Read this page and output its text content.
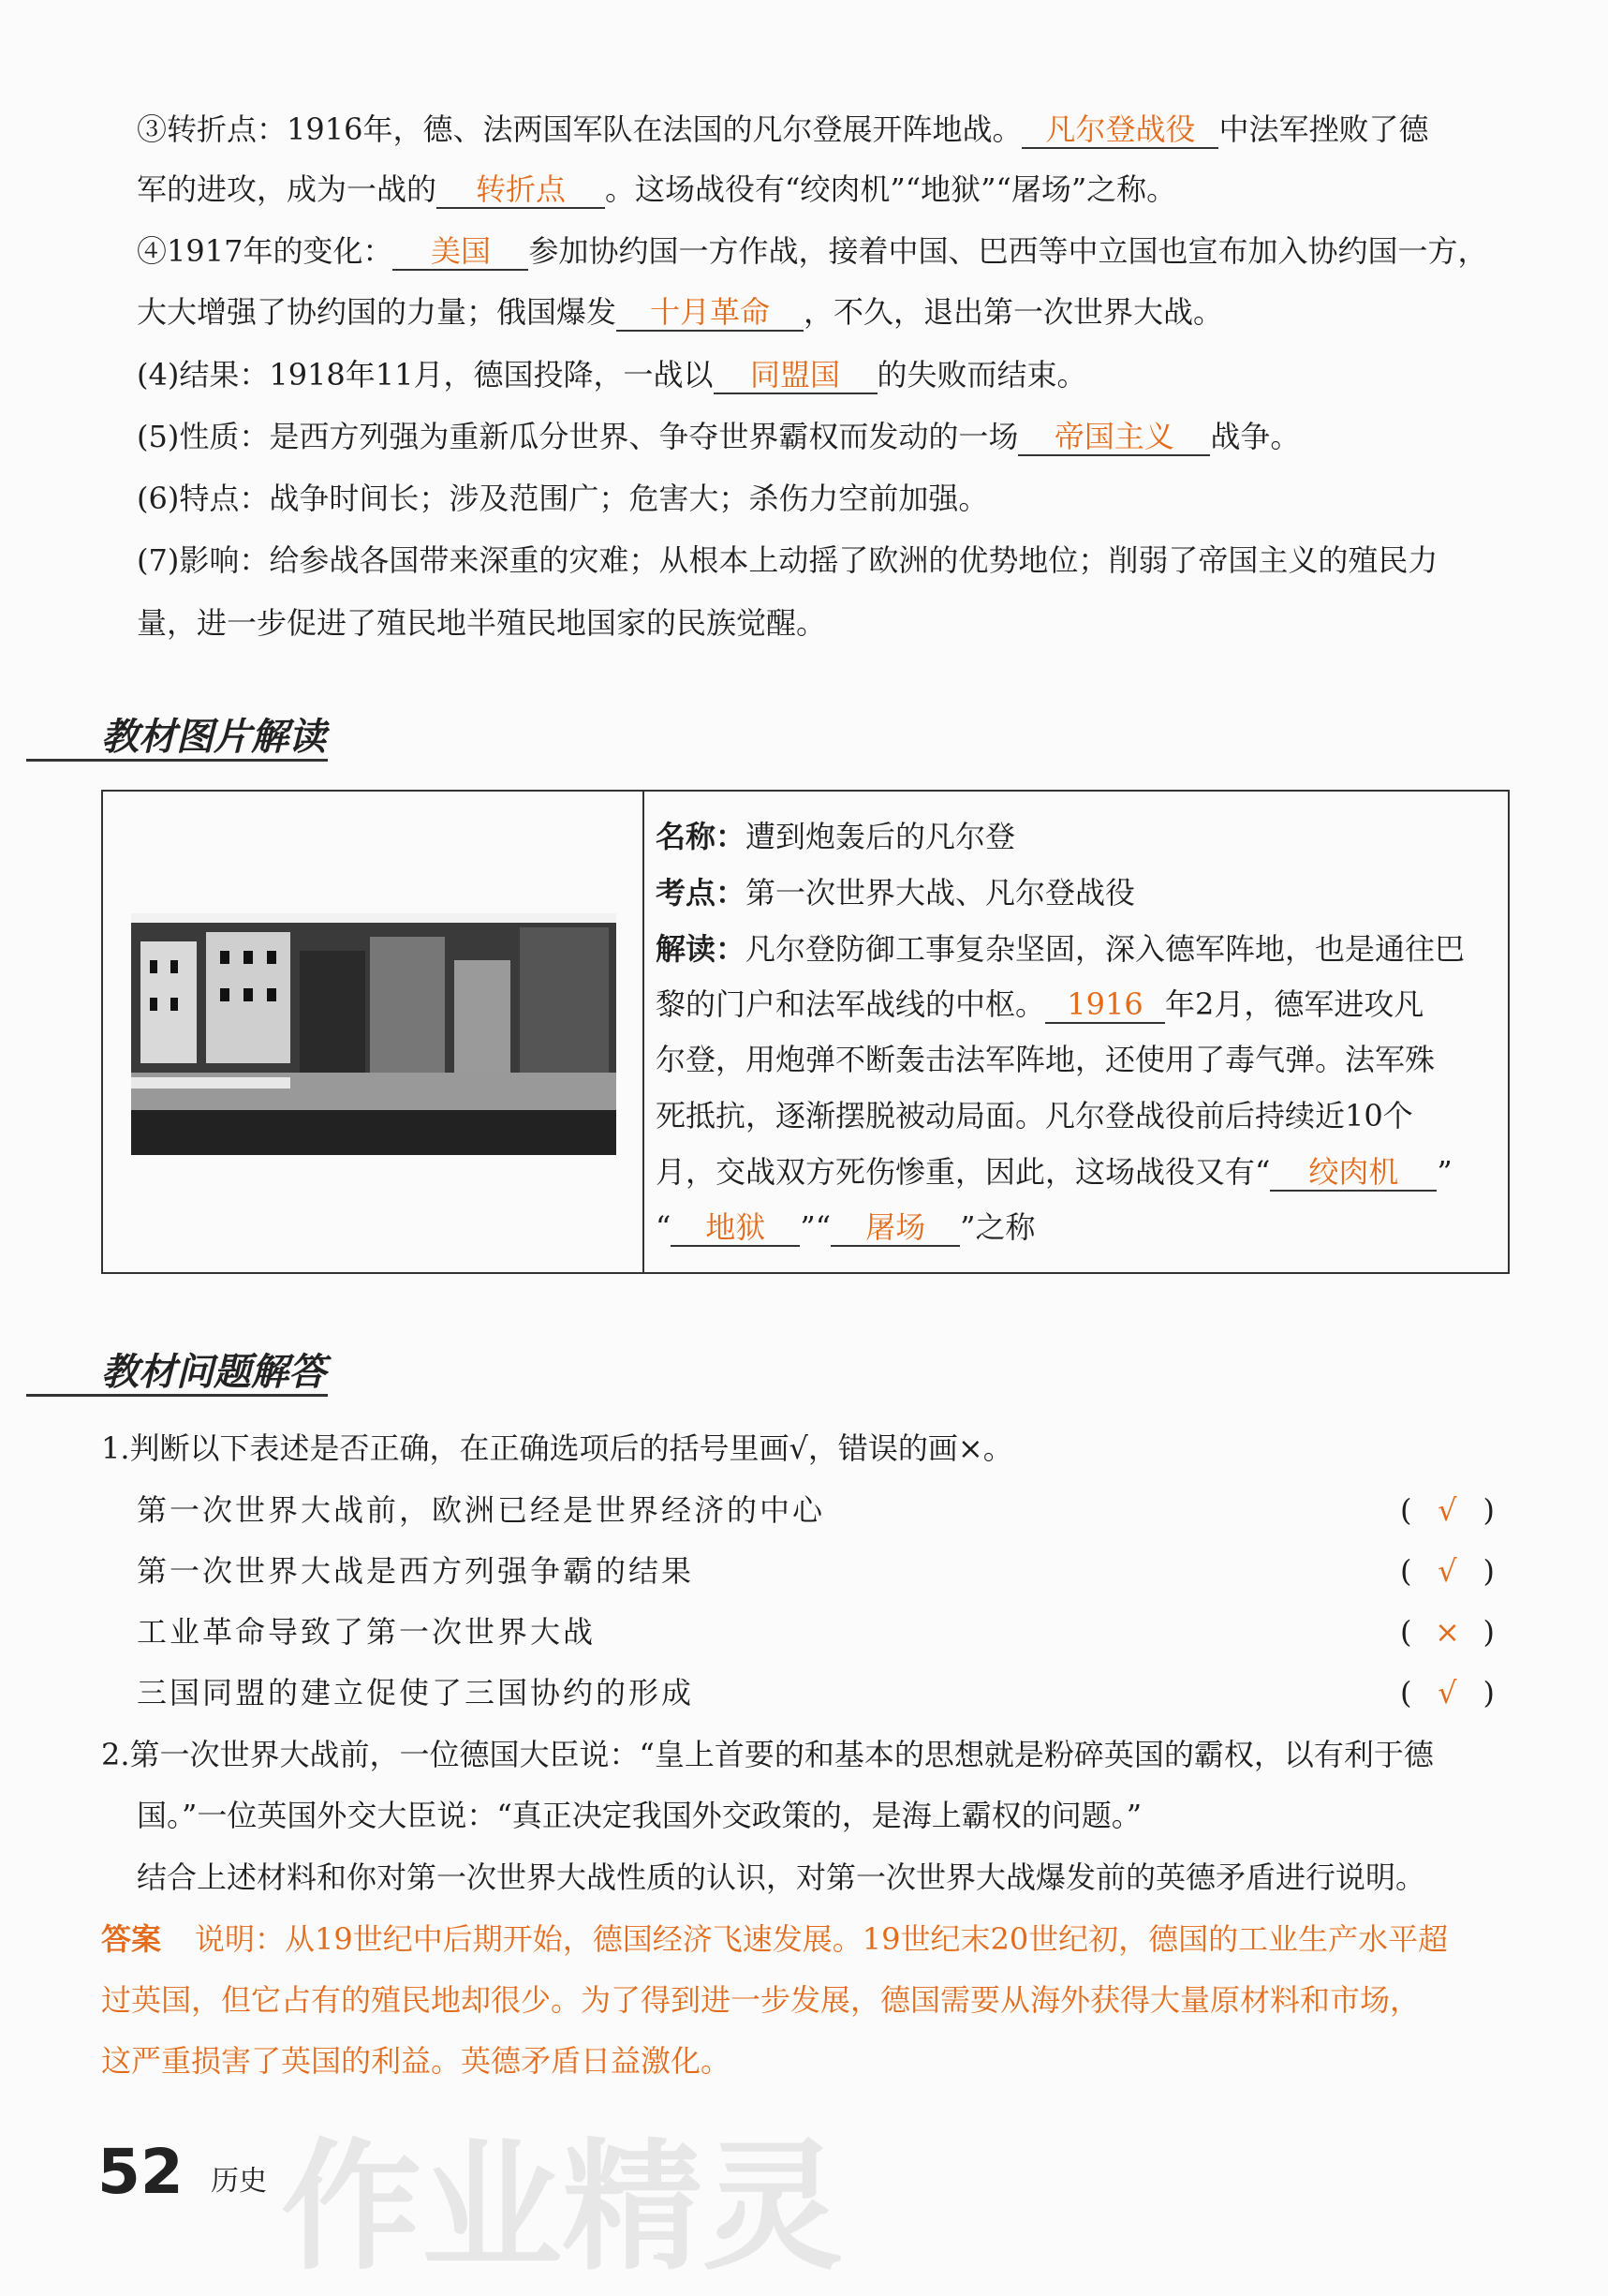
③转折点：1916年，德、法两国军队在法国的凡尔登展开阵地战。 凡尔登战役 中法军挫败了德
军的进攻，成为一战的 转折点 。这场战役有“绞肉机”“地狱”“屠场”之称。
④1917年的变化： 美国 参加协约国一方作战，接着中国、巴西等中立国也宣布加入协约国一方，
大大增强了协约国的力量；俄国爆发 十月革命 ，不久，退出第一次世界大战。
(4)结果：1918年11月，德国投降，一战以 同盟国 的失败而结束。
(5)性质：是西方列强为重新瓜分世界、争夺世界霸权而发动的一场 帝国主义 战争。
(6)特点：战争时间长；涉及范围广；危害大；杀伤力空前加强。
(7)影响：给参战各国带来深重的灾难；从根本上动摇了欧洲的优势地位；削弱了帝国主义的殖民力
量，进一步促进了殖民地半殖民地国家的民族觉醒。
教材图片解读
名称：遭到炮轰后的凡尔登
考点：第一次世界大战、凡尔登战役
解读：凡尔登防御工事复杂坚固，深入德军阵地，也是通往巴
黎的门户和法军战线的中枢。 1916 年2月，德军进攻凡
尔登，用炮弹不断轰击法军阵地，还使用了毒气弹。法军殊
死抵抗，逐渐摆脱被动局面。凡尔登战役前后持续近10个
月，交战双方死伤惨重，因此，这场战役又有“ 绞肉机 ”
“ 地狱 ”“ 屠场 ”之称
教材问题解答
1.判断以下表述是否正确，在正确选项后的括号里画√，错误的画×。
第一次世界大战前，欧洲已经是世界经济的中心	( √ )
第一次世界大战是西方列强争霸的结果	( √ )
工业革命导致了第一次世界大战	( × )
三国同盟的建立促使了三国协约的形成	( √ )
2.第一次世界大战前，一位德国大臣说：“皇上首要的和基本的思想就是粉碎英国的霸权，以有利于德
国。”一位英国外交大臣说：“真正决定我国外交政策的，是海上霸权的问题。”
结合上述材料和你对第一次世界大战性质的认识，对第一次世界大战爆发前的英德矛盾进行说明。
答案 说明：从19世纪中后期开始，德国经济飞速发展。19世纪末20世纪初，德国的工业生产水平超
过英国，但它占有的殖民地却很少。为了得到进一步发展，德国需要从海外获得大量原材料和市场，
这严重损害了英国的利益。英德矛盾日益激化。
52 历史 作业精灵
